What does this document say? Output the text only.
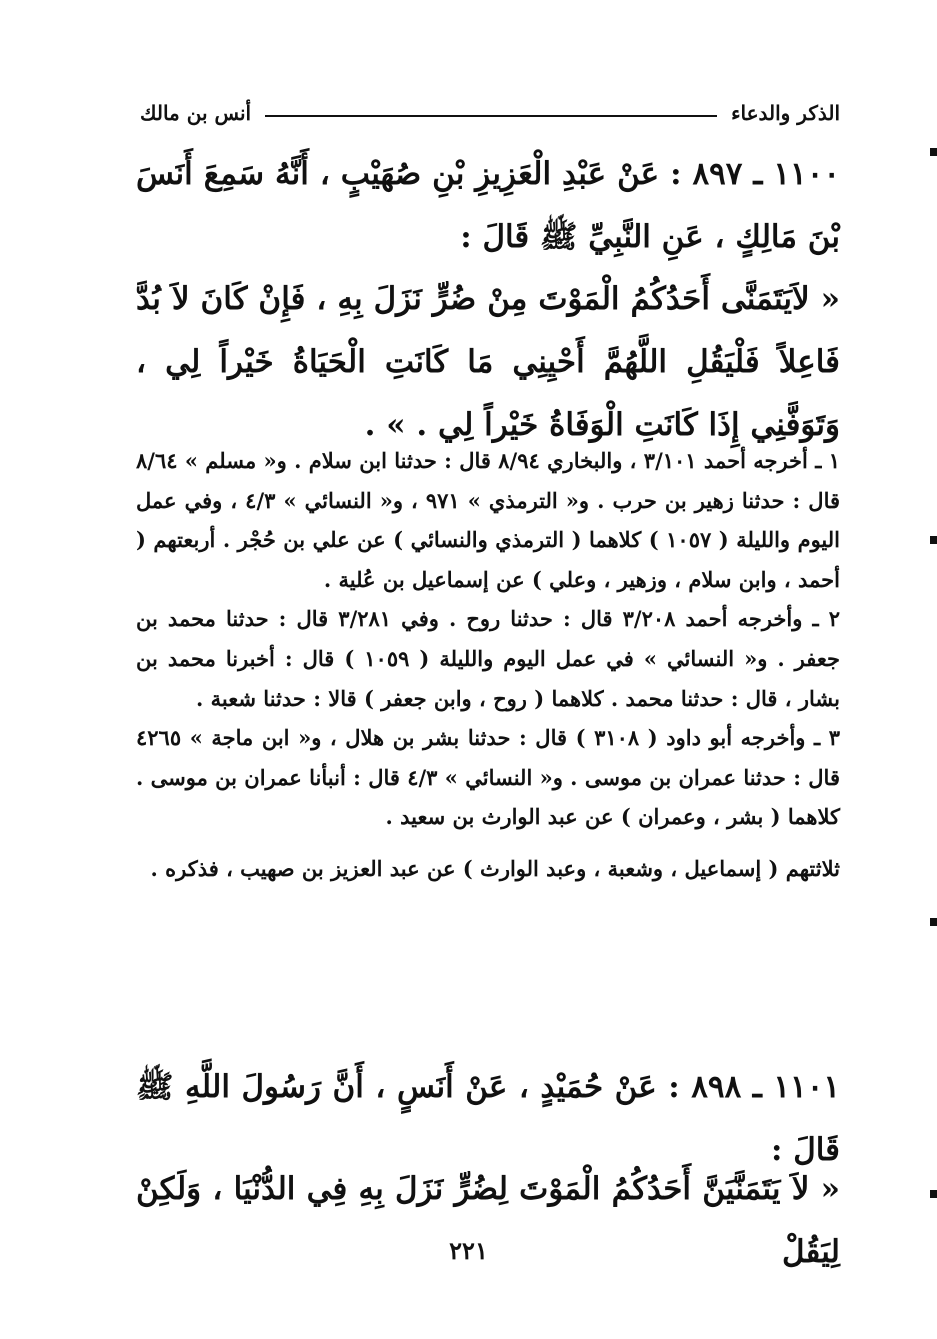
الذكر والدعاء
أنس بن مالك
١١٠٠ ـ ٨٩٧ : عَنْ عَبْدِ الْعَزِيزِ بْنِ صُهَيْبٍ ، أَنَّهُ سَمِعَ أَنَسَ بْنَ مَالِكٍ ، عَنِ النَّبِيِّ ﷺ قَالَ :
« لاَيَتَمَنَّى أَحَدُكُمُ الْمَوْتَ مِنْ ضُرٍّ نَزَلَ بِهِ ، فَإِنْ كَانَ لاَ بُدَّ فَاعِلاً فَلْيَقُلِ اللَّهُمَّ أَحْيِنِي مَا كَانَتِ الْحَيَاةُ خَيْراً لِي ، وَتَوَفَّنِي إِذَا كَانَتِ الْوَفَاةُ خَيْراً لِي . » .

١ ـ أخرجه أحمد ٣/١٠١ ، والبخاري ٨/٩٤ قال : حدثنا ابن سلام . و« مسلم » ٨/٦٤ قال : حدثنا زهير بن حرب . و« الترمذي » ٩٧١ ، و« النسائي » ٤/٣ ، وفي عمل اليوم والليلة ( ١٠٥٧ ) كلاهما ( الترمذي والنسائي ) عن علي بن حُجْر . أربعتهم ( أحمد ، وابن سلام ، وزهير ، وعلي ) عن إسماعيل بن عُلية .

٢ ـ وأخرجه أحمد ٣/٢٠٨ قال : حدثنا روح . وفي ٣/٢٨١ قال : حدثنا محمد بن جعفر . و« النسائي » في عمل اليوم والليلة ( ١٠٥٩ ) قال : أخبرنا محمد بن بشار ، قال : حدثنا محمد . كلاهما ( روح ، وابن جعفر ) قالا : حدثنا شعبة .

٣ ـ وأخرجه أبو داود ( ٣١٠٨ ) قال : حدثنا بشر بن هلال ، و« ابن ماجة » ٤٢٦٥ قال : حدثنا عمران بن موسى . و« النسائي » ٤/٣ قال : أنبأنا عمران بن موسى . كلاهما ( بشر ، وعمران ) عن عبد الوارث بن سعيد .

ثلاثتهم ( إسماعيل ، وشعبة ، وعبد الوارث ) عن عبد العزيز بن صهيب ، فذكره .

١١٠١ ـ ٨٩٨ : عَنْ حُمَيْدٍ ، عَنْ أَنَسٍ ، أَنَّ رَسُولَ اللَّهِ ﷺ قَالَ :
« لاَ يَتَمَنَّيَنَّ أَحَدُكُمُ الْمَوْتَ لِضُرٍّ نَزَلَ بِهِ فِي الدُّنْيَا ، وَلَكِنْ لِيَقُلْ
٢٢١
